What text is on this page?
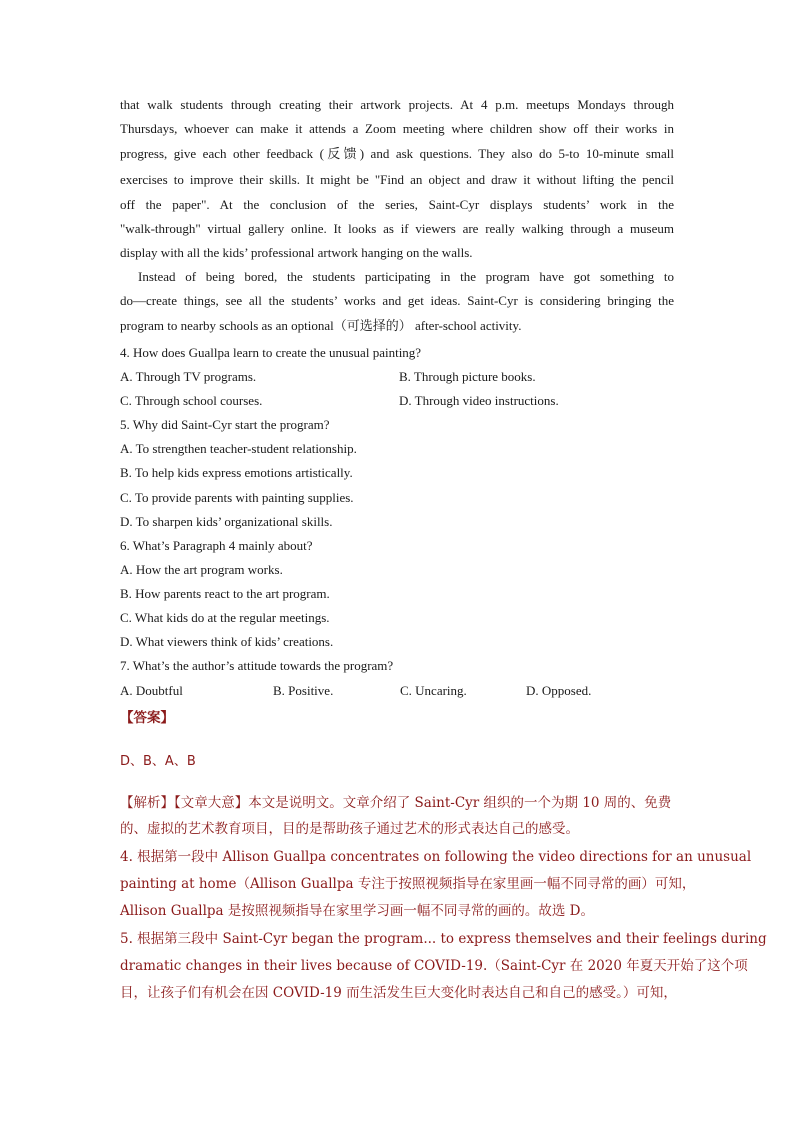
that walk students through creating their artwork projects. At 4 p.m. meetups Mondays through
Thursdays, whoever can make it attends a Zoom meeting where children show off their works in
progress, give each other feedback (反馈) and ask questions. They also do 5-to 10-minute small
exercises to improve their skills. It might be "Find an object and draw it without lifting the pencil
off the paper". At the conclusion of the series, Saint-Cyr displays students’ work in the
"walk-through" virtual gallery online. It looks as if viewers are really walking through a museum
display with all the kids’ professional artwork hanging on the walls.
Instead of being bored, the students participating in the program have got something to
do—create things, see all the students’ works and get ideas. Saint-Cyr is considering bringing the
program to nearby schools as an optional（可选择的） after-school activity.
4. How does Guallpa learn to create the unusual painting?
A. Through TV programs.	B. Through picture books.
C. Through school courses.	D. Through video instructions.
5. Why did Saint-Cyr start the program?
A. To strengthen teacher-student relationship.
B. To help kids express emotions artistically.
C. To provide parents with painting supplies.
D. To sharpen kids’ organizational skills.
6. What’s Paragraph 4 mainly about?
A. How the art program works.
B. How parents react to the art program.
C. What kids do at the regular meetings.
D. What viewers think of kids’ creations.
7. What’s the author’s attitude towards the program?
A. Doubtful	B. Positive.	C. Uncaring.	D. Opposed.
【答案】
D、B、A、B
【解析】【文章大意】本文是说明文。文章介绍了 Saint-Cyr 组织的一个为期 10 周的、免费
的、虚拟的艺术教育项目，目的是帮助孩子通过艺术的形式表达自己的感受。
4. 根据第一段中 Allison Guallpa concentrates on following the video directions for an unusual
painting at home（Allison Guallpa 专注于按照视频指导在家里画一幅不同寻常的画）可知，
Allison Guallpa 是按照视频指导在家里学习画一幅不同寻常的画的。故选 D。
5. 根据第三段中 Saint-Cyr began the program... to express themselves and their feelings during
dramatic changes in their lives because of COVID-19.（Saint-Cyr 在 2020 年夏天开始了这个项
目，让孩子们有机会在因 COVID-19 而生活发生巨大变化时表达自己和自己的感受。）可知，
